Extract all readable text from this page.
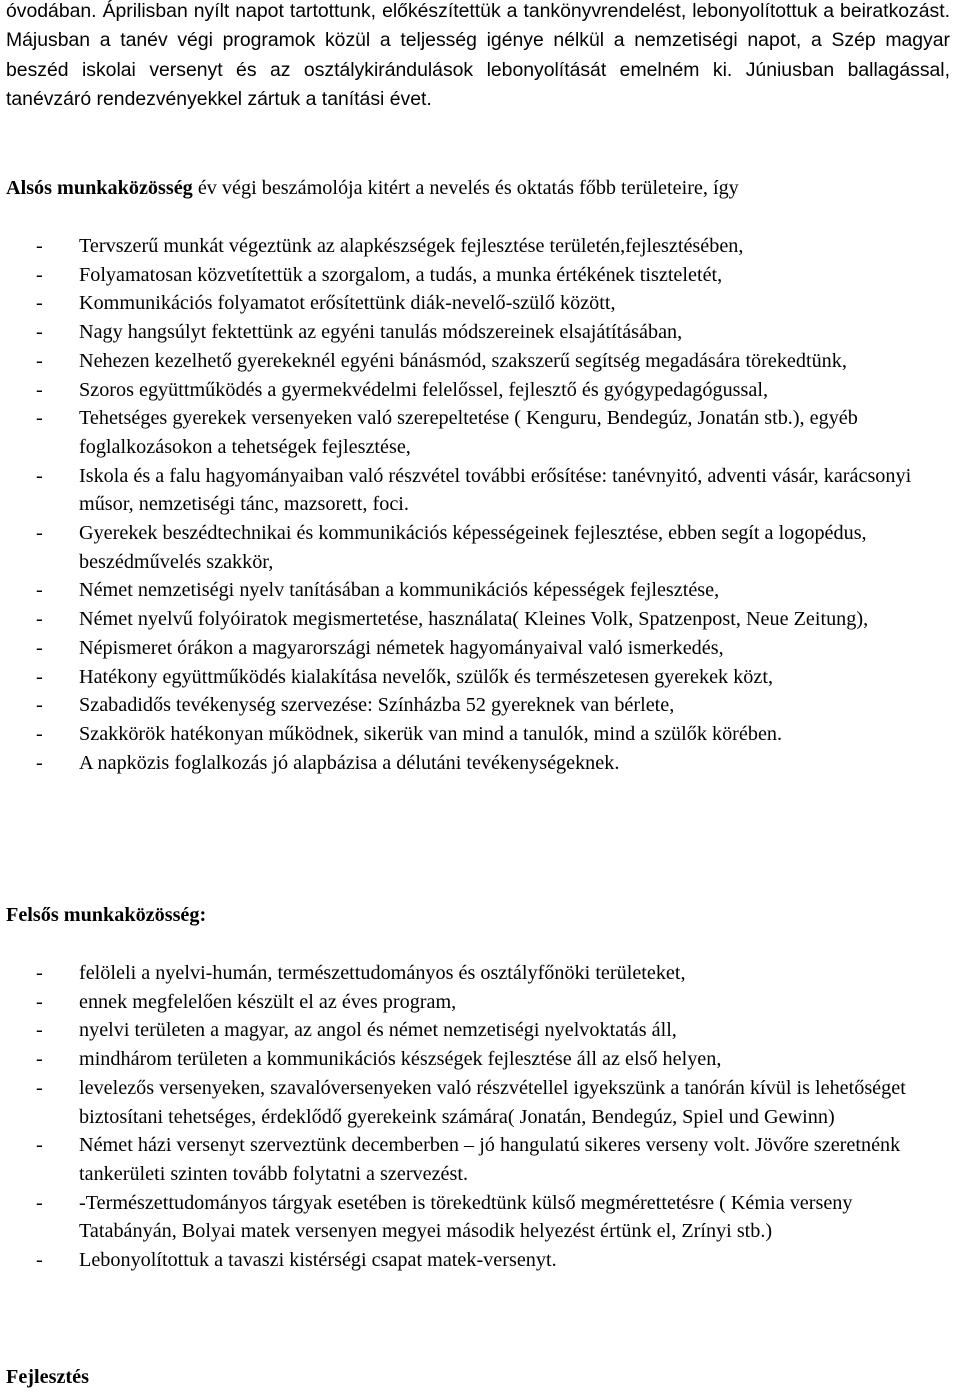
óvodában. Áprilisban nyílt napot tartottunk, előkészítettük a tankönyvrendelést, lebonyolítottuk a beiratkozást. Májusban a tanév végi programok közül a teljesség igénye nélkül a nemzetiségi napot, a Szép magyar beszéd iskolai versenyt és az osztálykirándulások lebonyolítását emelném ki. Júniusban ballagással, tanévzáró rendezvényekkel zártuk a tanítási évet.

Alsós munkaközösség év végi beszámolója kitért a nevelés és oktatás főbb területeire, így

- Tervszerű munkát végeztünk az alapkészségek fejlesztése területén,fejlesztésében,
- Folyamatosan közvetítettük a szorgalom, a tudás, a munka értékének tiszteletét,
- Kommunikációs folyamatot erősítettünk diák-nevelő-szülő között,
- Nagy hangsúlyt fektettünk az egyéni tanulás módszereinek elsajátításában,
- Nehezen kezelhető gyerekeknél egyéni bánásmód, szakszerű segítség megadására törekedtünk,
- Szoros együttműködés a gyermekvédelmi felelőssel, fejlesztő és gyógypedagógussal,
- Tehetséges gyerekek versenyeken való szerepeltetése ( Kenguru, Bendegúz, Jonatán stb.), egyéb foglalkozásokon a tehetségek fejlesztése,
- Iskola és a falu hagyományaiban való részvétel további erősítése: tanévnyitó, adventi vásár, karácsonyi műsor, nemzetiségi tánc, mazsorett, foci.
- Gyerekek beszédtechnikai és kommunikációs képességeinek fejlesztése, ebben segít a logopédus, beszédművelés szakkör,
- Német nemzetiségi nyelv tanításában a kommunikációs képességek fejlesztése,
- Német nyelvű folyóiratok megismertetése, használata( Kleines Volk, Spatzenpost, Neue Zeitung),
- Népismeret órákon a magyarországi németek hagyományaival való ismerkedés,
- Hatékony együttműködés kialakítása nevelők, szülők és természetesen gyerekek közt,
- Szabadidős tevékenység szervezése: Színházba 52 gyereknek van bérlete,
- Szakkörök hatékonyan működnek, sikerük van mind a tanulók, mind a szülők körében.
- A napközis foglalkozás jó alapbázisa a délutáni tevékenységeknek.

Felsős munkaközösség:

- felöleli a nyelvi-humán, természettudományos és osztályfőnöki területeket,
- ennek megfelelően készült el az éves program,
- nyelvi területen a magyar, az angol és német nemzetiségi nyelvoktatás áll,
- mindhárom területen a kommunikációs készségek fejlesztése áll az első helyen,
- levelezős versenyeken, szavalóversenyeken való részvétellel igyekszünk a tanórán kívül is lehetőséget biztosítani tehetséges, érdeklődő gyerekeink számára( Jonatán, Bendegúz, Spiel und Gewinn)
- Német házi versenyt szerveztünk decemberben – jó hangulatú sikeres verseny volt. Jövőre szeretnénk tankerületi szinten tovább folytatni a szervezést.
- -Természettudományos tárgyak esetében is törekedtünk külső megmérettetésre ( Kémia verseny Tatabányán, Bolyai matek versenyen megyei második helyezést értünk el, Zrínyi stb.)
- Lebonyolítottuk a tavaszi kistérségi csapat matek-versenyt.

Fejlesztés
